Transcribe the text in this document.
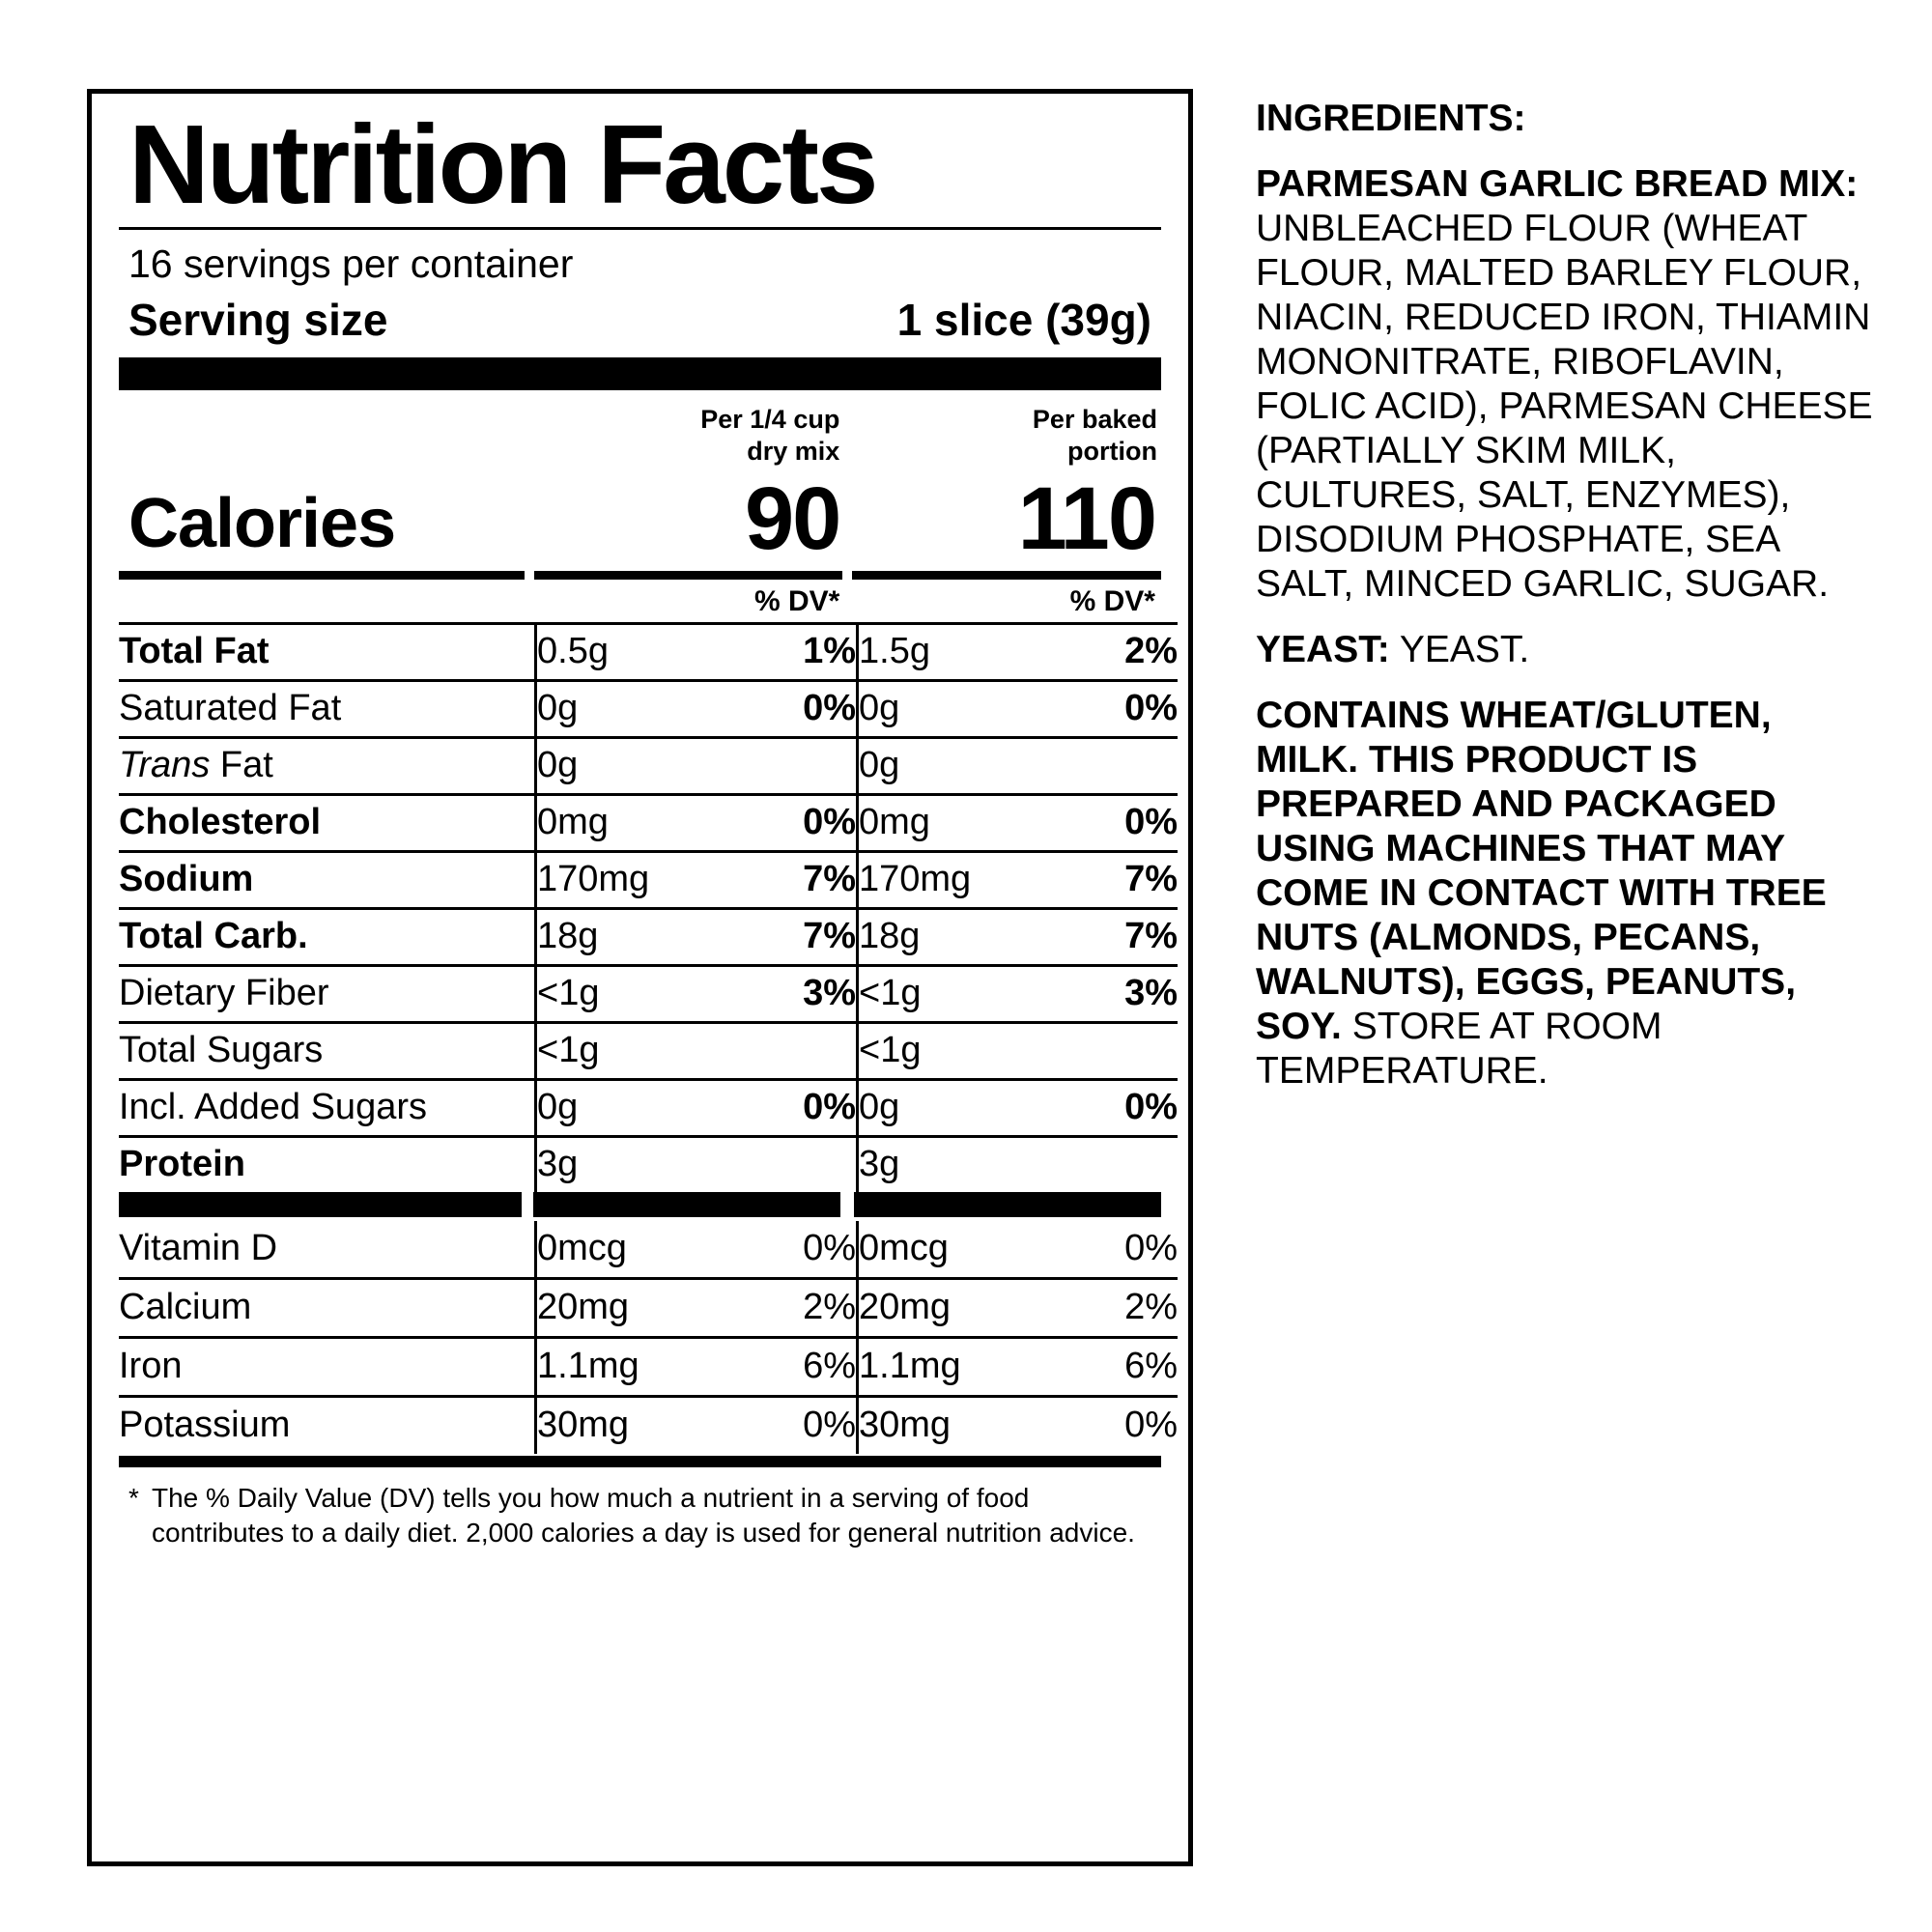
Nutrition Facts
16 servings per container
Serving size	1 slice (39g)
Per 1/4 cup
dry mix
Per baked
portion
Calories	90	110
% DV*	% DV*
Total Fat	0.5g	1%	1.5g	2%
Saturated Fat	0g	0%	0g	0%
Trans Fat	0g		0g	
Cholesterol	0mg	0%	0mg	0%
Sodium	170mg	7%	170mg	7%
Total Carb.	18g	7%	18g	7%
Dietary Fiber	<1g	3%	<1g	3%
Total Sugars	<1g		<1g	
Incl. Added Sugars	0g	0%	0g	0%
Protein	3g		3g	
Vitamin D	0mcg	0%	0mcg	0%
Calcium	20mg	2%	20mg	2%
Iron	1.1mg	6%	1.1mg	6%
Potassium	30mg	0%	30mg	0%
* The % Daily Value (DV) tells you how much a nutrient in a serving of food contributes to a daily diet. 2,000 calories a day is used for general nutrition advice.

INGREDIENTS:

PARMESAN GARLIC BREAD MIX:
UNBLEACHED FLOUR (WHEAT FLOUR, MALTED BARLEY FLOUR, NIACIN, REDUCED IRON, THIAMIN MONONITRATE, RIBOFLAVIN, FOLIC ACID), PARMESAN CHEESE (PARTIALLY SKIM MILK, CULTURES, SALT, ENZYMES), DISODIUM PHOSPHATE, SEA SALT, MINCED GARLIC, SUGAR.

YEAST: YEAST.

CONTAINS WHEAT/GLUTEN, MILK. THIS PRODUCT IS PREPARED AND PACKAGED USING MACHINES THAT MAY COME IN CONTACT WITH TREE NUTS (ALMONDS, PECANS, WALNUTS), EGGS, PEANUTS, SOY. STORE AT ROOM TEMPERATURE.
